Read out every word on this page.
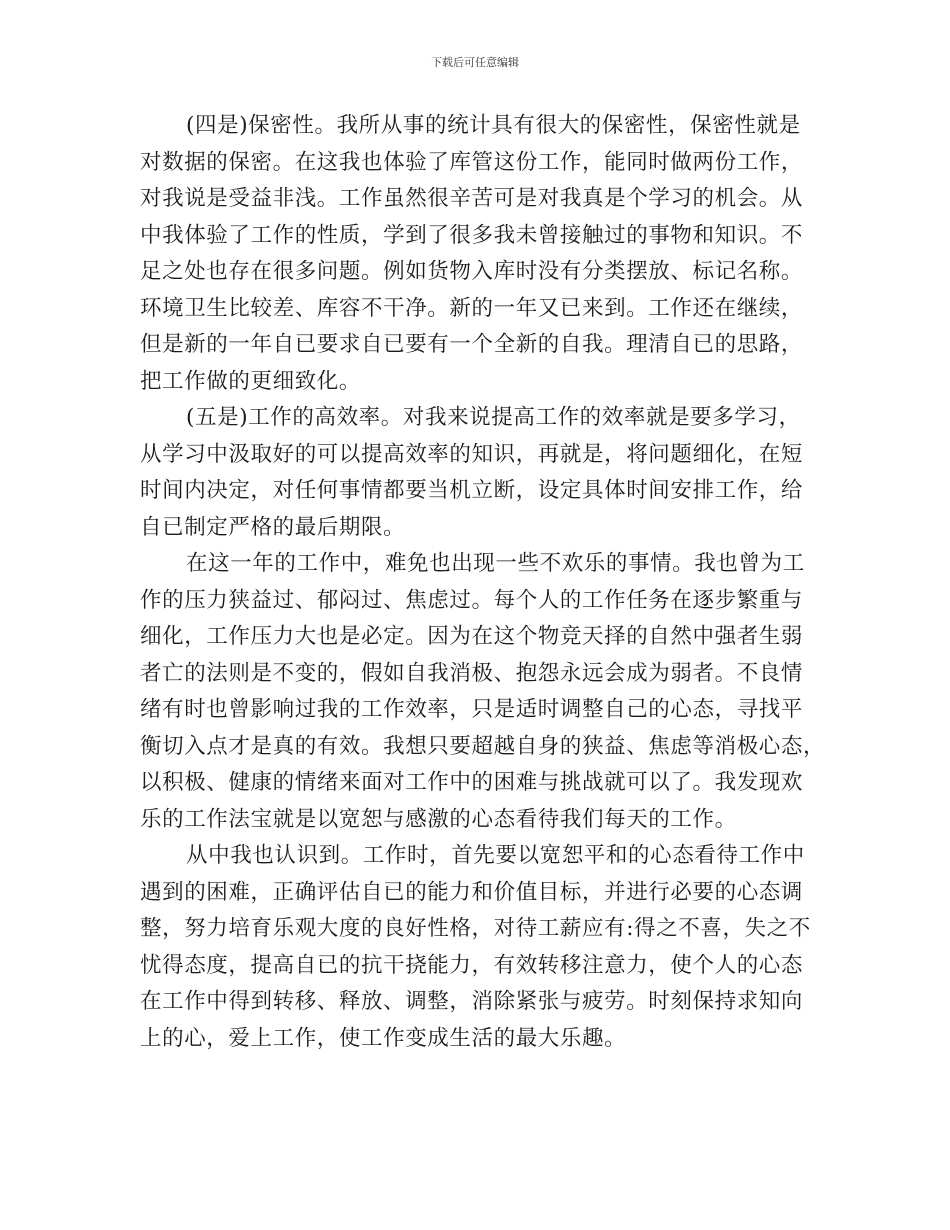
下载后可任意编辑

(四是)保密性。我所从事的统计具有很大的保密性，保密性就是
对数据的保密。在这我也体验了库管这份工作，能同时做两份工作，
对我说是受益非浅。工作虽然很辛苦可是对我真是个学习的机会。从
中我体验了工作的性质，学到了很多我未曾接触过的事物和知识。不
足之处也存在很多问题。例如货物入库时没有分类摆放、标记名称。
环境卫生比较差、库容不干净。新的一年又已来到。工作还在继续，
但是新的一年自已要求自已要有一个全新的自我。理清自已的思路，
把工作做的更细致化。

(五是)工作的高效率。对我来说提高工作的效率就是要多学习，
从学习中汲取好的可以提高效率的知识，再就是，将问题细化，在短
时间内决定，对任何事情都要当机立断，设定具体时间安排工作，给
自已制定严格的最后期限。

在这一年的工作中，难免也出现一些不欢乐的事情。我也曾为工
作的压力狭益过、郁闷过、焦虑过。每个人的工作任务在逐步繁重与
细化，工作压力大也是必定。因为在这个物竞天择的自然中强者生弱
者亡的法则是不变的，假如自我消极、抱怨永远会成为弱者。不良情
绪有时也曾影响过我的工作效率，只是适时调整自己的心态，寻找平
衡切入点才是真的有效。我想只要超越自身的狭益、焦虑等消极心态，
以积极、健康的情绪来面对工作中的困难与挑战就可以了。我发现欢
乐的工作法宝就是以宽恕与感激的心态看待我们每天的工作。

从中我也认识到。工作时，首先要以宽恕平和的心态看待工作中
遇到的困难，正确评估自已的能力和价值目标，并进行必要的心态调
整，努力培育乐观大度的良好性格，对待工薪应有:得之不喜，失之不
忧得态度，提高自已的抗干挠能力，有效转移注意力，使个人的心态
在工作中得到转移、释放、调整，消除紧张与疲劳。时刻保持求知向
上的心，爱上工作，使工作变成生活的最大乐趣。
